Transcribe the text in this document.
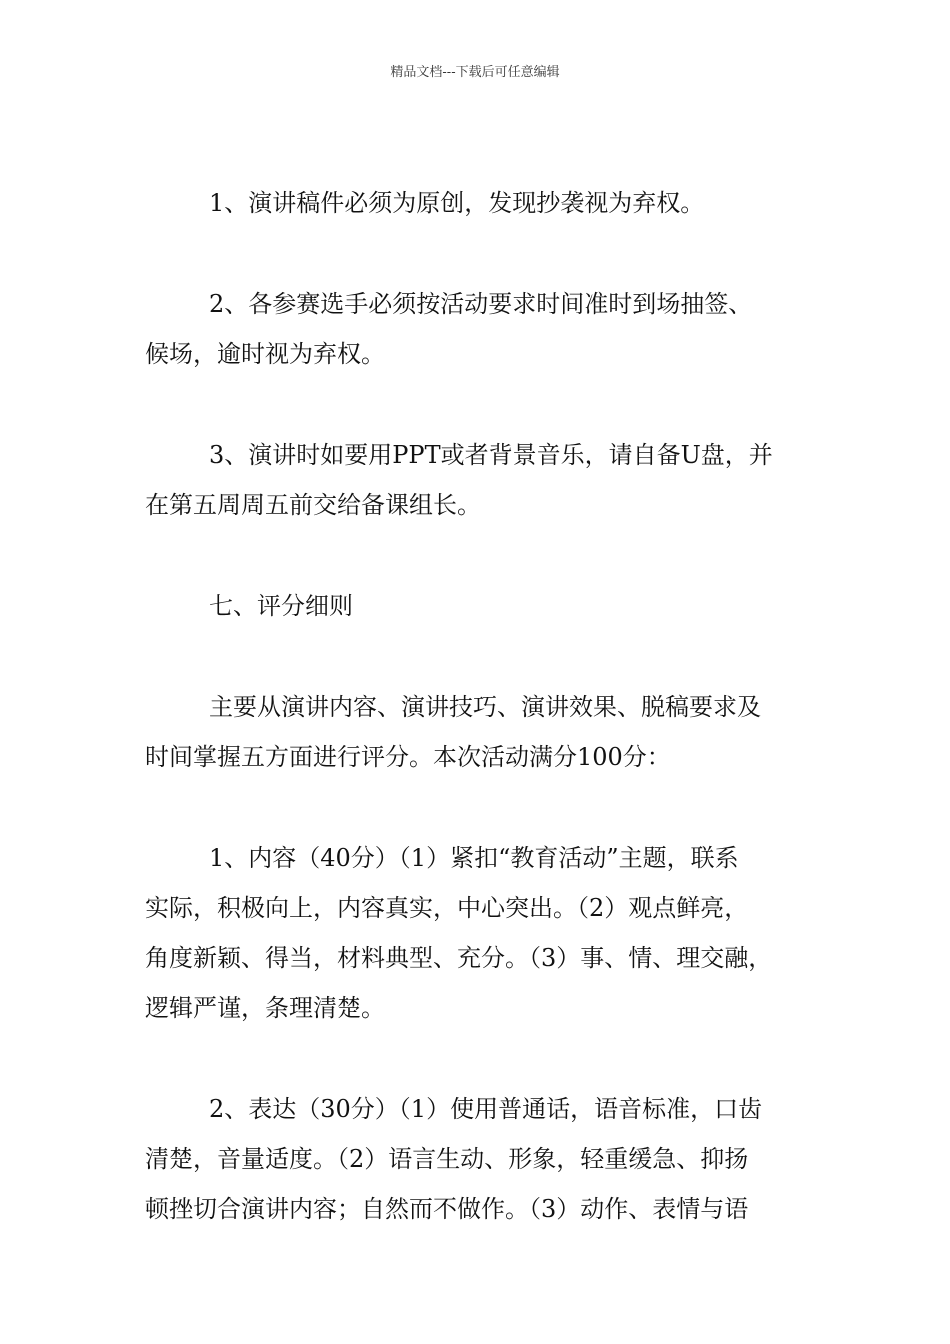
精品文档---下载后可任意编辑
1、演讲稿件必须为原创，发现抄袭视为弃权。
2、各参赛选手必须按活动要求时间准时到场抽签、
候场，逾时视为弃权。
3、演讲时如要用PPT或者背景音乐，请自备U盘，并
在第五周周五前交给备课组长。
七、评分细则
主要从演讲内容、演讲技巧、演讲效果、脱稿要求及
时间掌握五方面进行评分。本次活动满分100分：
1、内容（40分）（1）紧扣“教育活动”主题，联系
实际，积极向上，内容真实，中心突出。（2）观点鲜亮，
角度新颖、得当，材料典型、充分。（3）事、情、理交融，
逻辑严谨，条理清楚。
2、表达（30分）（1）使用普通话，语音标准，口齿
清楚，音量适度。（2）语言生动、形象，轻重缓急、抑扬
顿挫切合演讲内容；自然而不做作。（3）动作、表情与语
